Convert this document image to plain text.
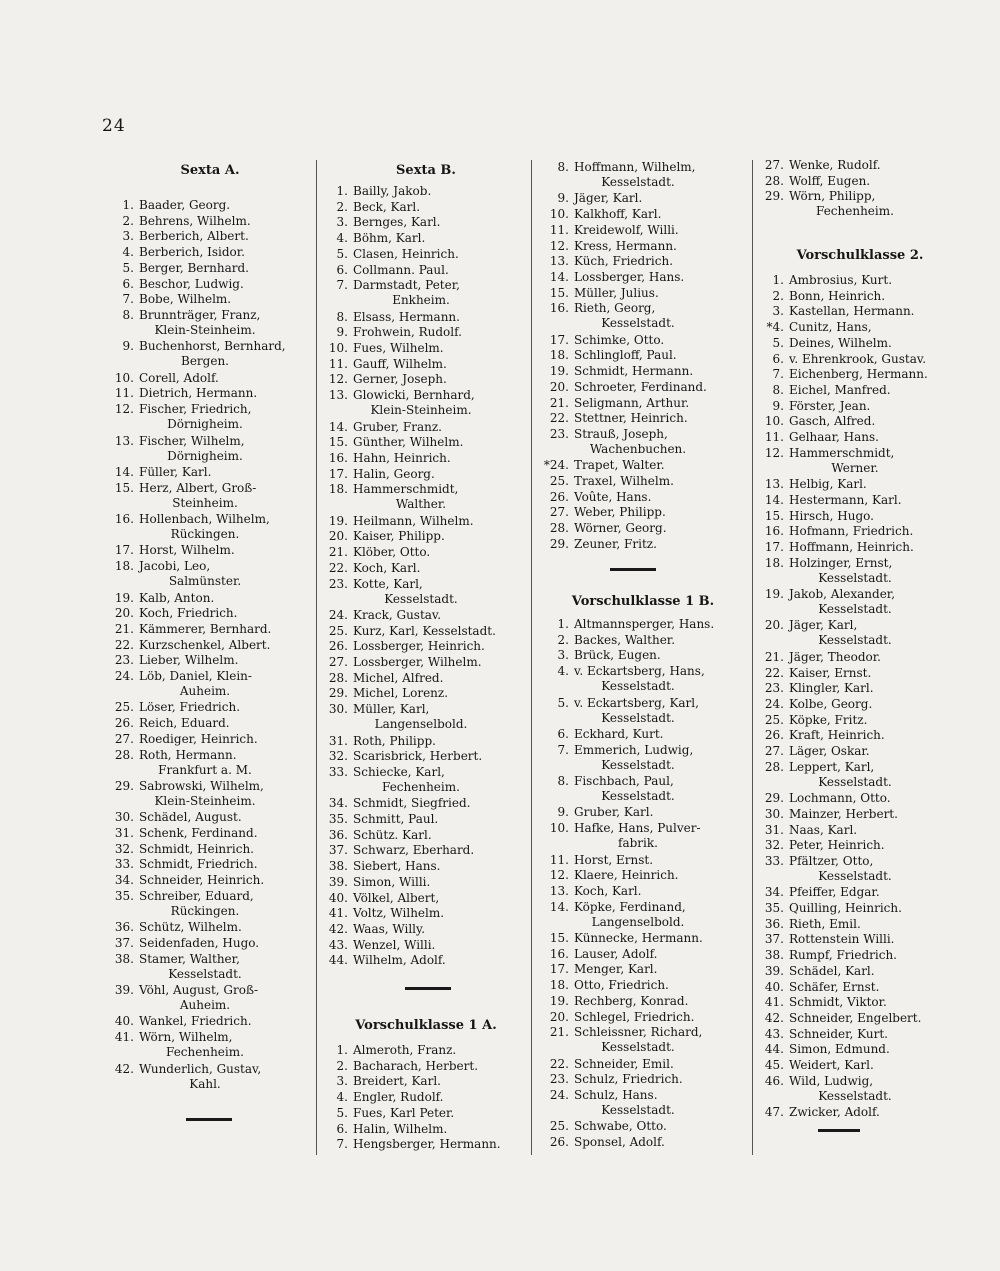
24
Sexta A.
1. Baader, Georg.
2. Behrens, Wilhelm.
3. Berberich, Albert.
4. Berberich, Isidor.
5. Berger, Bernhard.
6. Beschor, Ludwig.
7. Bobe, Wilhelm.
8. Brunnträger, Franz,
Klein-Steinheim.
9. Buchenhorst, Bernhard,
Bergen.
10. Corell, Adolf.
11. Dietrich, Hermann.
12. Fischer, Friedrich,
Dörnigheim.
13. Fischer, Wilhelm,
Dörnigheim.
14. Füller, Karl.
15. Herz, Albert, Groß-
Steinheim.
16. Hollenbach, Wilhelm,
Rückingen.
17. Horst, Wilhelm.
18. Jacobi, Leo,
Salmünster.
19. Kalb, Anton.
20. Koch, Friedrich.
21. Kämmerer, Bernhard.
22. Kurzschenkel, Albert.
23. Lieber, Wilhelm.
24. Löb, Daniel, Klein-
Auheim.
25. Löser, Friedrich.
26. Reich, Eduard.
27. Roediger, Heinrich.
28. Roth, Hermann.
Frankfurt a. M.
29. Sabrowski, Wilhelm,
Klein-Steinheim.
30. Schädel, August.
31. Schenk, Ferdinand.
32. Schmidt, Heinrich.
33. Schmidt, Friedrich.
34. Schneider, Heinrich.
35. Schreiber, Eduard,
Rückingen.
36. Schütz, Wilhelm.
37. Seidenfaden, Hugo.
38. Stamer, Walther,
Kesselstadt.
39. Vöhl, August, Groß-
Auheim.
40. Wankel, Friedrich.
41. Wörn, Wilhelm,
Fechenheim.
42. Wunderlich, Gustav,
Kahl.
Sexta B.
1. Bailly, Jakob.
2. Beck, Karl.
3. Bernges, Karl.
4. Böhm, Karl.
5. Clasen, Heinrich.
6. Collmann. Paul.
7. Darmstadt, Peter,
Enkheim.
8. Elsass, Hermann.
9. Frohwein, Rudolf.
10. Fues, Wilhelm.
11. Gauff, Wilhelm.
12. Gerner, Joseph.
13. Glowicki, Bernhard,
Klein-Steinheim.
14. Gruber, Franz.
15. Günther, Wilhelm.
16. Hahn, Heinrich.
17. Halin, Georg.
18. Hammerschmidt,
Walther.
19. Heilmann, Wilhelm.
20. Kaiser, Philipp.
21. Klöber, Otto.
22. Koch, Karl.
23. Kotte, Karl,
Kesselstadt.
24. Krack, Gustav.
25. Kurz, Karl, Kesselstadt.
26. Lossberger, Heinrich.
27. Lossberger, Wilhelm.
28. Michel, Alfred.
29. Michel, Lorenz.
30. Müller, Karl,
Langenselbold.
31. Roth, Philipp.
32. Scarisbrick, Herbert.
33. Schiecke, Karl,
Fechenheim.
34. Schmidt, Siegfried.
35. Schmitt, Paul.
36. Schütz. Karl.
37. Schwarz, Eberhard.
38. Siebert, Hans.
39. Simon, Willi.
40. Völkel, Albert,
41. Voltz, Wilhelm.
42. Waas, Willy.
43. Wenzel, Willi.
44. Wilhelm, Adolf.
Vorschulklasse 1 A.
1. Almeroth, Franz.
2. Bacharach, Herbert.
3. Breidert, Karl.
4. Engler, Rudolf.
5. Fues, Karl Peter.
6. Halin, Wilhelm.
7. Hengsberger, Hermann.
8. Hoffmann, Wilhelm,
Kesselstadt.
9. Jäger, Karl.
10. Kalkhoff, Karl.
11. Kreidewolf, Willi.
12. Kress, Hermann.
13. Küch, Friedrich.
14. Lossberger, Hans.
15. Müller, Julius.
16. Rieth, Georg,
Kesselstadt.
17. Schimke, Otto.
18. Schlingloff, Paul.
19. Schmidt, Hermann.
20. Schroeter, Ferdinand.
21. Seligmann, Arthur.
22. Stettner, Heinrich.
23. Strauß, Joseph,
Wachenbuchen.
*24. Trapet, Walter.
25. Traxel, Wilhelm.
26. Voûte, Hans.
27. Weber, Philipp.
28. Wörner, Georg.
29. Zeuner, Fritz.
Vorschulklasse 1 B.
1. Altmannsperger, Hans.
2. Backes, Walther.
3. Brück, Eugen.
4. v. Eckartsberg, Hans,
Kesselstadt.
5. v. Eckartsberg, Karl,
Kesselstadt.
6. Eckhard, Kurt.
7. Emmerich, Ludwig,
Kesselstadt.
8. Fischbach, Paul,
Kesselstadt.
9. Gruber, Karl.
10. Hafke, Hans, Pulver-
fabrik.
11. Horst, Ernst.
12. Klaere, Heinrich.
13. Koch, Karl.
14. Köpke, Ferdinand,
Langenselbold.
15. Künnecke, Hermann.
16. Lauser, Adolf.
17. Menger, Karl.
18. Otto, Friedrich.
19. Rechberg, Konrad.
20. Schlegel, Friedrich.
21. Schleissner, Richard,
Kesselstadt.
22. Schneider, Emil.
23. Schulz, Friedrich.
24. Schulz, Hans.
Kesselstadt.
25. Schwabe, Otto.
26. Sponsel, Adolf.
27. Wenke, Rudolf.
28. Wolff, Eugen.
29. Wörn, Philipp,
Fechenheim.
Vorschulklasse 2.
1. Ambrosius, Kurt.
2. Bonn, Heinrich.
3. Kastellan, Hermann.
*4. Cunitz, Hans,
5. Deines, Wilhelm.
6. v. Ehrenkrook, Gustav.
7. Eichenberg, Hermann.
8. Eichel, Manfred.
9. Förster, Jean.
10. Gasch, Alfred.
11. Gelhaar, Hans.
12. Hammerschmidt,
Werner.
13. Helbig, Karl.
14. Hestermann, Karl.
15. Hirsch, Hugo.
16. Hofmann, Friedrich.
17. Hoffmann, Heinrich.
18. Holzinger, Ernst,
Kesselstadt.
19. Jakob, Alexander,
Kesselstadt.
20. Jäger, Karl,
Kesselstadt.
21. Jäger, Theodor.
22. Kaiser, Ernst.
23. Klingler, Karl.
24. Kolbe, Georg.
25. Köpke, Fritz.
26. Kraft, Heinrich.
27. Läger, Oskar.
28. Leppert, Karl,
Kesselstadt.
29. Lochmann, Otto.
30. Mainzer, Herbert.
31. Naas, Karl.
32. Peter, Heinrich.
33. Pfältzer, Otto,
Kesselstadt.
34. Pfeiffer, Edgar.
35. Quilling, Heinrich.
36. Rieth, Emil.
37. Rottenstein Willi.
38. Rumpf, Friedrich.
39. Schädel, Karl.
40. Schäfer, Ernst.
41. Schmidt, Viktor.
42. Schneider, Engelbert.
43. Schneider, Kurt.
44. Simon, Edmund.
45. Weidert, Karl.
46. Wild, Ludwig,
Kesselstadt.
47. Zwicker, Adolf.
